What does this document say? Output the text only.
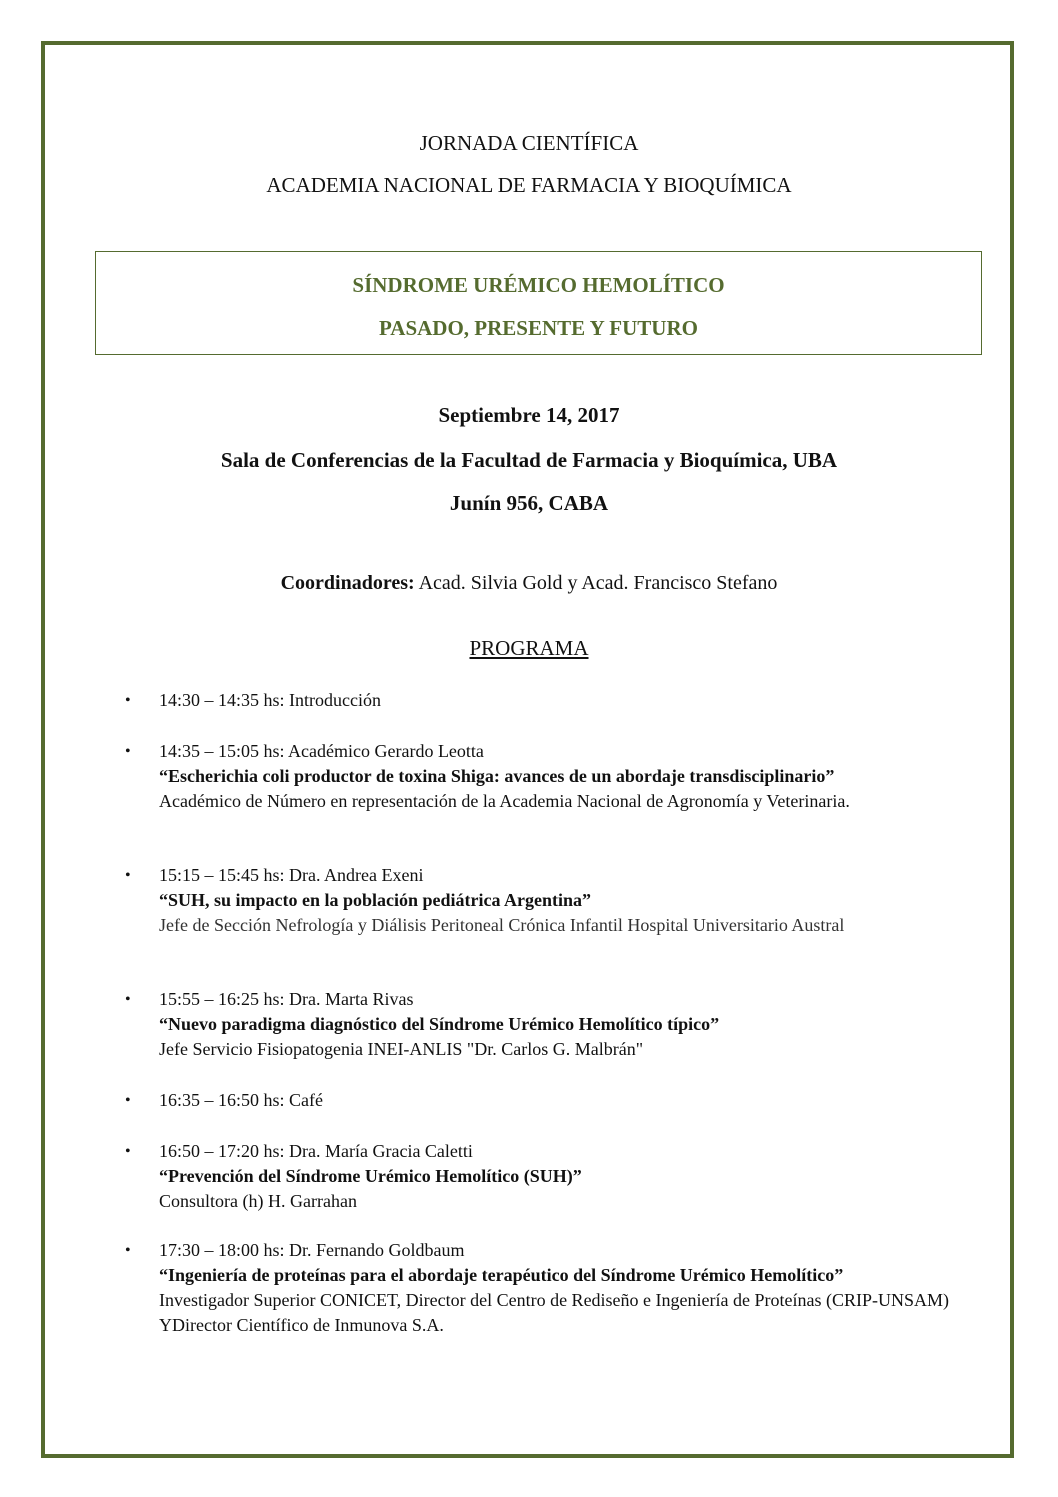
JORNADA CIENTÍFICA
ACADEMIA NACIONAL DE FARMACIA Y BIOQUÍMICA
SÍNDROME URÉMICO HEMOLÍTICO
PASADO, PRESENTE Y FUTURO
Septiembre 14, 2017
Sala de Conferencias de la Facultad de Farmacia y Bioquímica, UBA
Junín 956, CABA
Coordinadores: Acad. Silvia Gold y Acad. Francisco Stefano
PROGRAMA
• 14:30 – 14:35 hs: Introducción
• 14:35 – 15:05 hs: Académico Gerardo Leotta
“Escherichia coli productor de toxina Shiga: avances de un abordaje transdisciplinario”
Académico de Número en representación de la Academia Nacional de Agronomía y Veterinaria.
• 15:15 – 15:45 hs: Dra. Andrea Exeni
“SUH, su impacto en la población pediátrica Argentina”
Jefe de Sección Nefrología y Diálisis Peritoneal Crónica Infantil Hospital Universitario Austral
• 15:55 – 16:25 hs: Dra. Marta Rivas
“Nuevo paradigma diagnóstico del Síndrome Urémico Hemolítico típico”
Jefe Servicio Fisiopatogenia INEI-ANLIS "Dr. Carlos G. Malbrán"
• 16:35 – 16:50 hs: Café
• 16:50 – 17:20 hs: Dra. María Gracia Caletti
“Prevención del Síndrome Urémico Hemolítico (SUH)”
Consultora (h) H. Garrahan
• 17:30 – 18:00 hs: Dr. Fernando Goldbaum
“Ingeniería de proteínas para el abordaje terapéutico del Síndrome Urémico Hemolítico”
Investigador Superior CONICET, Director del Centro de Rediseño e Ingeniería de Proteínas (CRIP-UNSAM) YDirector Científico de Inmunova S.A.
